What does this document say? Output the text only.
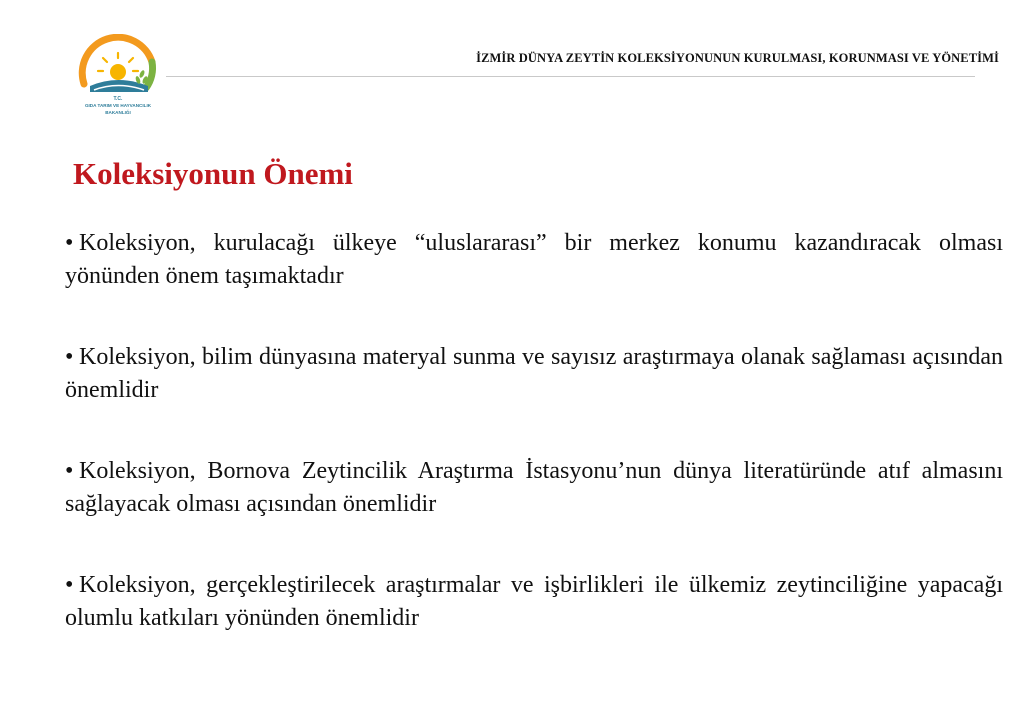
T.C.
GIDA TARIM VE HAYVANCILIK
BAKANLIĞI
İZMİR DÜNYA ZEYTİN KOLEKSİYONUNUN KURULMASI, KORUNMASI VE YÖNETİMİ
Koleksiyonun Önemi
• Koleksiyon, kurulacağı ülkeye “uluslararası” bir merkez konumu kazandıracak olması yönünden önem taşımaktadır
• Koleksiyon, bilim dünyasına materyal sunma ve sayısız araştırmaya olanak sağlaması açısından önemlidir
• Koleksiyon, Bornova Zeytincilik Araştırma İstasyonu’nun dünya literatüründe atıf almasını sağlayacak olması açısından önemlidir
• Koleksiyon, gerçekleştirilecek araştırmalar ve işbirlikleri ile ülkemiz zeytinciliğine yapacağı olumlu katkıları yönünden önemlidir
